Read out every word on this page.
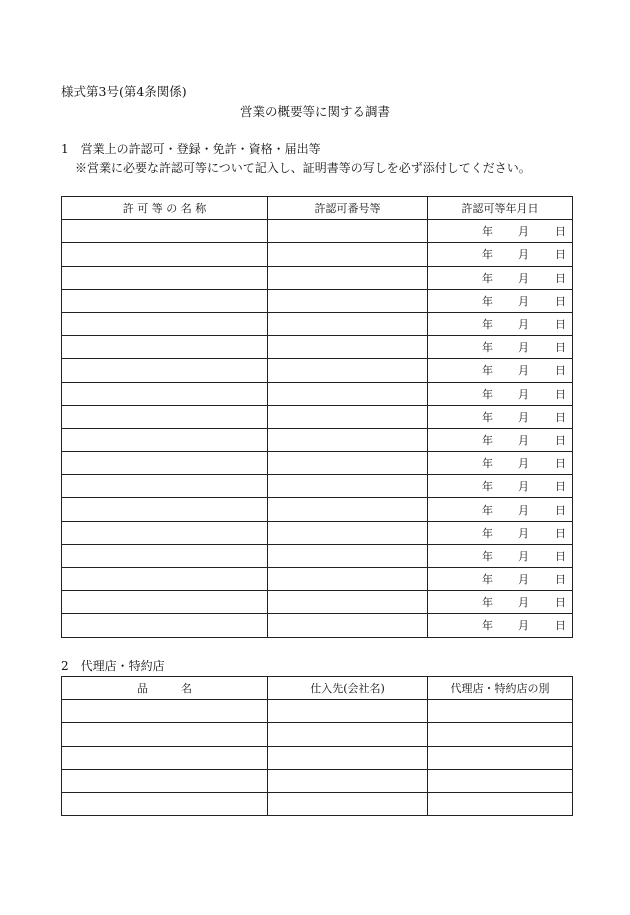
様式第3号(第4条関係)
営業の概要等に関する調書
1　営業上の許認可・登録・免許・資格・届出等
※営業に必要な許認可等について記入し、証明書等の写しを必ず添付してください。
許 可 等 の 名 称	許認可番号等	許認可等年月日

		年 月 日

		年 月 日

		年 月 日

		年 月 日

		年 月 日

		年 月 日

		年 月 日

		年 月 日

		年 月 日

		年 月 日

		年 月 日

		年 月 日

		年 月 日

		年 月 日

		年 月 日

		年 月 日

		年 月 日

		年 月 日
2　代理店・特約店
品　　　名	仕入先(会社名)	代理店・特約店の別
